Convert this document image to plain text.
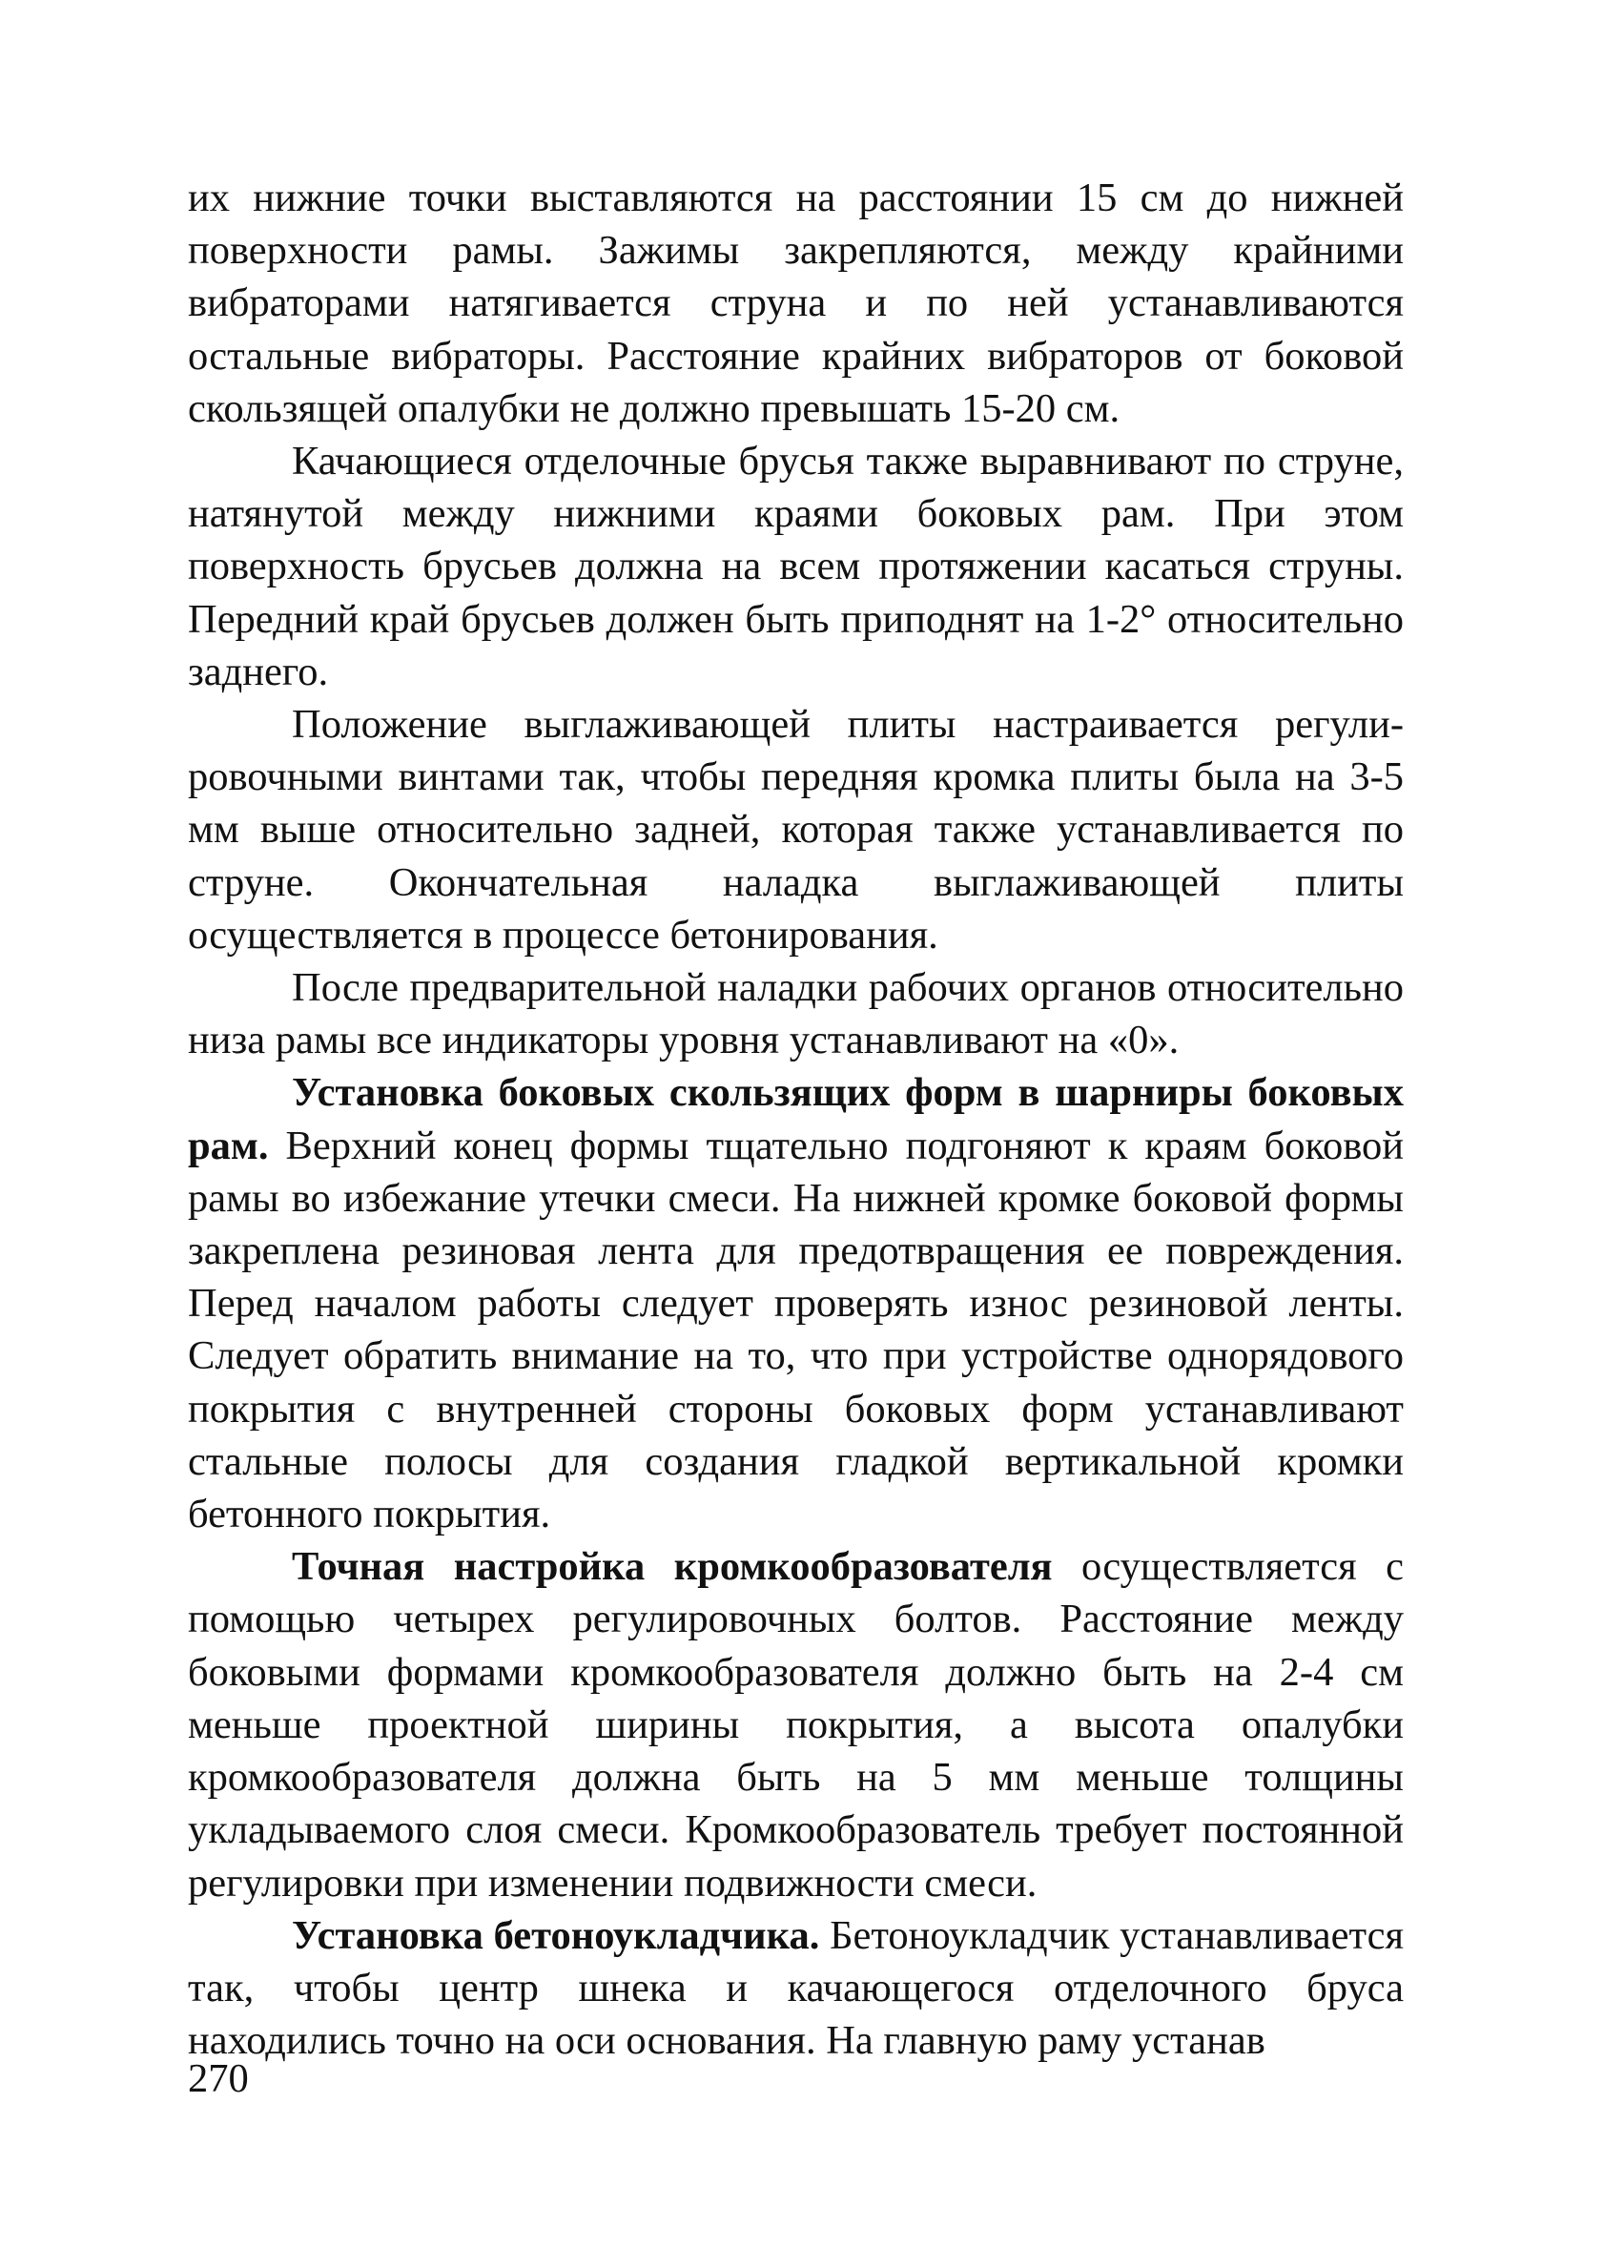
их нижние точки выставляются на расстоянии 15 см до нижней поверхности рамы. Зажимы закрепляются, между крайними вибраторами натягивается струна и по ней устанавливаются остальные вибраторы. Расстояние крайних вибраторов от боковой скользящей опалубки не должно превышать 15-20 см.

Качающиеся отделочные брусья также выравнивают по струне, натянутой между нижними краями боковых рам. При этом поверхность брусьев должна на всем протяжении касаться струны. Передний край брусьев должен быть приподнят на 1-2° относительно заднего.

Положение выглаживающей плиты настраивается регулировочными винтами так, чтобы передняя кромка плиты была на 3-5 мм выше относительно задней, которая также устанавливается по струне. Окончательная наладка выглаживающей плиты осуществляется в процессе бетонирования.

После предварительной наладки рабочих органов относительно низа рамы все индикаторы уровня устанавливают на «0».

Установка боковых скользящих форм в шарниры боковых рам. Верхний конец формы тщательно подгоняют к краям боковой рамы во избежание утечки смеси. На нижней кромке боковой формы закреплена резиновая лента для предотвращения ее повреждения. Перед началом работы следует проверять износ резиновой ленты. Следует обратить внимание на то, что при устройстве однорядового покрытия с внутренней стороны боковых форм устанавливают стальные полосы для создания гладкой вертикальной кромки бетонного покрытия.

Точная настройка кромкообразователя осуществляется с помощью четырех регулировочных болтов. Расстояние между боковыми формами кромкообразователя должно быть на 2-4 см меньше проектной ширины покрытия, а высота опалубки кромкообразователя должна быть на 5 мм меньше толщины укладываемого слоя смеси. Кромкообразователь требует постоянной регулировки при изменении подвижности смеси.

Установка бетоноукладчика. Бетоноукладчик устанавливается так, чтобы центр шнека и качающегося отделочного бруса находились точно на оси основания. На главную раму устанав

270
